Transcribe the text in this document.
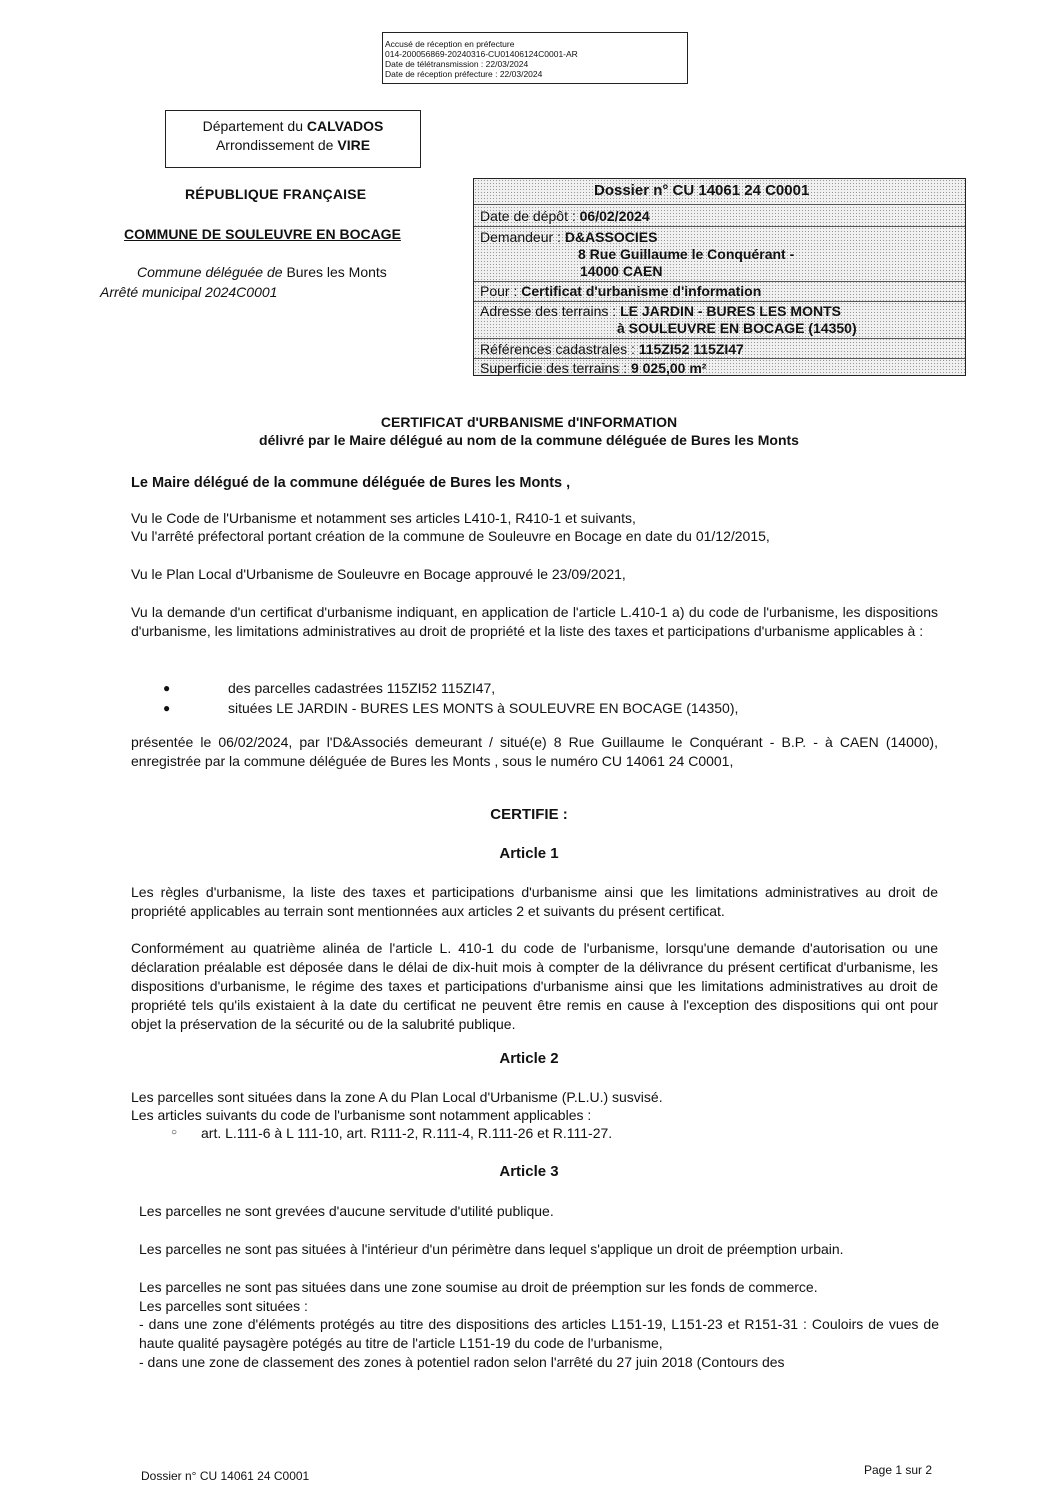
Accusé de réception en préfecture
014-200056869-20240316-CU01406124C0001-AR
Date de télétransmission : 22/03/2024
Date de réception préfecture : 22/03/2024
Département du CALVADOS
Arrondissement de VIRE
RÉPUBLIQUE FRANÇAISE
COMMUNE DE SOULEUVRE EN BOCAGE
Commune déléguée de Bures les Monts
Arrêté municipal 2024C0001
Dossier n° CU 14061 24 C0001
Date de dépôt : 06/02/2024
Demandeur : D&ASSOCIES
8 Rue Guillaume le Conquérant -
14000 CAEN
Pour : Certificat d'urbanisme d'information
Adresse des terrains : LE JARDIN - BURES LES MONTS
à SOULEUVRE EN BOCAGE (14350)
Références cadastrales : 115ZI52 115ZI47
Superficie des terrains : 9 025,00 m²
CERTIFICAT d'URBANISME d'INFORMATION
délivré par le Maire délégué au nom de la commune déléguée de Bures les Monts
Le Maire délégué de la commune déléguée de Bures les Monts ,
Vu le Code de l'Urbanisme et notamment ses articles L410-1, R410-1 et suivants,
Vu l'arrêté préfectoral portant création de la commune de Souleuvre en Bocage en date du 01/12/2015,
Vu le Plan Local d'Urbanisme de Souleuvre en Bocage approuvé le 23/09/2021,
Vu la demande d'un certificat d'urbanisme indiquant, en application de l'article L.410-1 a) du code de l'urbanisme, les dispositions d'urbanisme, les limitations administratives au droit de propriété et la liste des taxes et participations d'urbanisme applicables à :
●	des parcelles cadastrées 115ZI52 115ZI47,
●	situées LE JARDIN - BURES LES MONTS à SOULEUVRE EN BOCAGE (14350),
présentée le 06/02/2024, par l'D&Associés demeurant / situé(e) 8 Rue Guillaume le Conquérant - B.P. - à CAEN (14000), enregistrée par la commune déléguée de Bures les Monts , sous le numéro CU 14061 24 C0001,
CERTIFIE :
Article 1
Les règles d'urbanisme, la liste des taxes et participations d'urbanisme ainsi que les limitations administratives au droit de propriété applicables au terrain sont mentionnées aux articles 2 et suivants du présent certificat.
Conformément au quatrième alinéa de l'article L. 410-1 du code de l'urbanisme, lorsqu'une demande d'autorisation ou une déclaration préalable est déposée dans le délai de dix-huit mois à compter de la délivrance du présent certificat d'urbanisme, les dispositions d'urbanisme, le régime des taxes et participations d'urbanisme ainsi que les limitations administratives au droit de propriété tels qu'ils existaient à la date du certificat ne peuvent être remis en cause à l'exception des dispositions qui ont pour objet la préservation de la sécurité ou de la salubrité publique.
Article 2
Les parcelles sont situées dans la zone A du Plan Local d'Urbanisme (P.L.U.) susvisé.
Les articles suivants du code de l'urbanisme sont notamment applicables :
○ art. L.111-6 à L 111-10, art. R111-2, R.111-4, R.111-26 et R.111-27.
Article 3
Les parcelles ne sont grevées d'aucune servitude d'utilité publique.
Les parcelles ne sont pas situées à l'intérieur d'un périmètre dans lequel s'applique un droit de préemption urbain.
Les parcelles ne sont pas situées dans une zone soumise au droit de préemption sur les fonds de commerce.
Les parcelles sont situées :
- dans une zone d'éléments protégés au titre des dispositions des articles L151-19, L151-23 et R151-31 : Couloirs de vues de haute qualité paysagère potégés au titre de l'article L151-19 du code de l'urbanisme,
- dans une zone de classement des zones à potentiel radon selon l'arrêté du 27 juin 2018 (Contours des
Dossier n° CU 14061 24 C0001	Page 1 sur 2
